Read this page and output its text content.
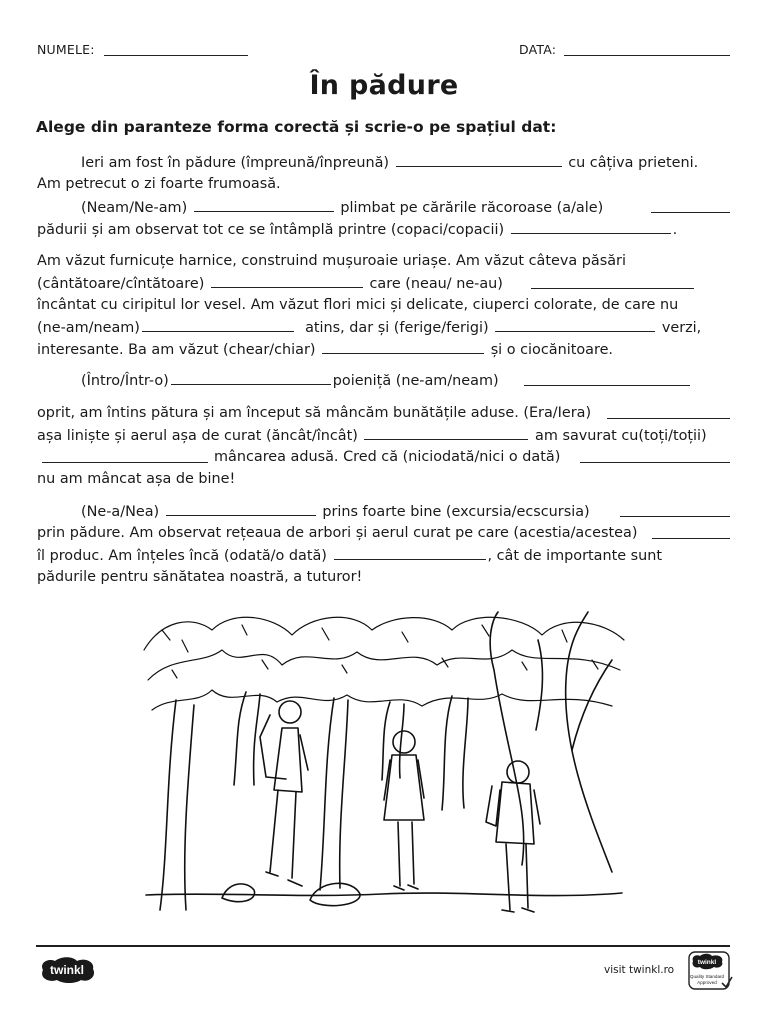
NUMELE:	DATA:
În pădure
Alege din paranteze forma corectă și scrie-o pe spațiul dat:
Ieri am fost în pădure (împreună/înpreună)	cu câțiva prieteni.
Am petrecut o zi foarte frumoasă.
(Neam/Ne-am)	plimbat pe cărările răcoroase (a/ale)
pădurii și am observat tot ce se întâmplă printre (copaci/copacii)	.
Am văzut furnicuțe harnice, construind mușuroaie uriașe. Am văzut câteva păsări
(cântătoare/cîntătoare)	care (neau/ ne-au)
încântat cu ciripitul lor vesel. Am văzut flori mici și delicate, ciuperci colorate, de care nu
(ne-am/neam)	atins, dar și (ferige/ferigi)	verzi,
interesante. Ba am văzut (chear/chiar)	și o ciocănitoare.
(Întro/Într-o)	poieniță (ne-am/neam)
oprit, am întins pătura și am început să mâncăm bunătățile aduse. (Era/Iera)
așa liniște și aerul așa de curat (ăncât/încât)	am savurat cu(toți/toții)
mâncarea adusă. Cred că (niciodată/nici o dată)
nu am mâncat așa de bine!
(Ne-a/Nea)	prins foarte bine (excursia/ecscursia)
prin pădure. Am observat rețeaua de arbori și aerul curat pe care (acestia/acestea)
îl produc. Am înțeles încă (odată/o dată)	, cât de importante sunt
pădurile pentru sănătatea noastră, a tuturor!
twinkl	visit twinkl.ro
twinkl
Quality Standard
Approved
